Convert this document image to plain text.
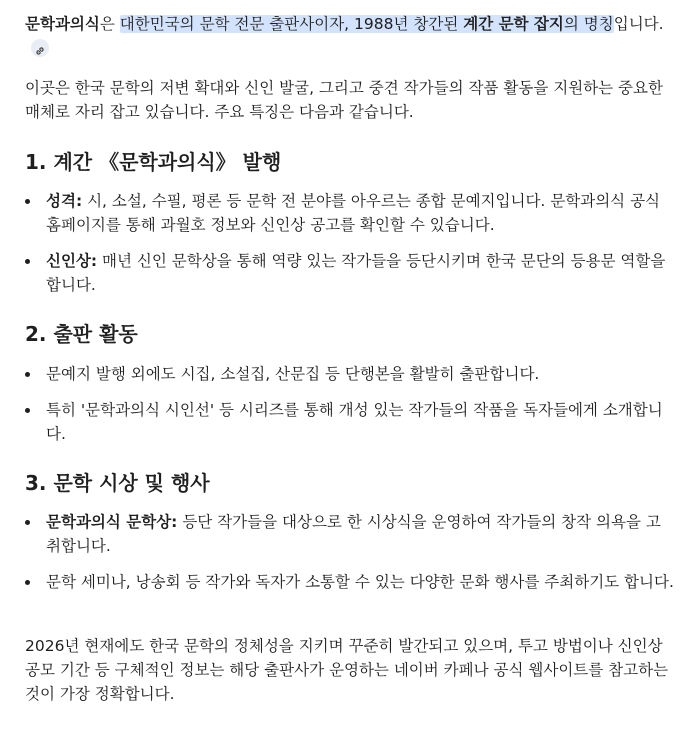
문학과의식은 대한민국의 문학 전문 출판사이자, 1988년 창간된 계간 문학 잡지의 명칭입니다.

이곳은 한국 문학의 저변 확대와 신인 발굴, 그리고 중견 작가들의 작품 활동을 지원하는 중요한 매체로 자리 잡고 있습니다. 주요 특징은 다음과 같습니다.

1. 계간 《문학과의식》 발행
성격: 시, 소설, 수필, 평론 등 문학 전 분야를 아우르는 종합 문예지입니다. 문학과의식 공식 홈페이지를 통해 과월호 정보와 신인상 공고를 확인할 수 있습니다.
신인상: 매년 신인 문학상을 통해 역량 있는 작가들을 등단시키며 한국 문단의 등용문 역할을 합니다.
2. 출판 활동
문예지 발행 외에도 시집, 소설집, 산문집 등 단행본을 활발히 출판합니다.
특히 '문학과의식 시인선' 등 시리즈를 통해 개성 있는 작가들의 작품을 독자들에게 소개합니다.
3. 문학 시상 및 행사
문학과의식 문학상: 등단 작가들을 대상으로 한 시상식을 운영하여 작가들의 창작 의욕을 고취합니다.
문학 세미나, 낭송회 등 작가와 독자가 소통할 수 있는 다양한 문화 행사를 주최하기도 합니다.

2026년 현재에도 한국 문학의 정체성을 지키며 꾸준히 발간되고 있으며, 투고 방법이나 신인상 공모 기간 등 구체적인 정보는 해당 출판사가 운영하는 네이버 카페나 공식 웹사이트를 참고하는 것이 가장 정확합니다.
